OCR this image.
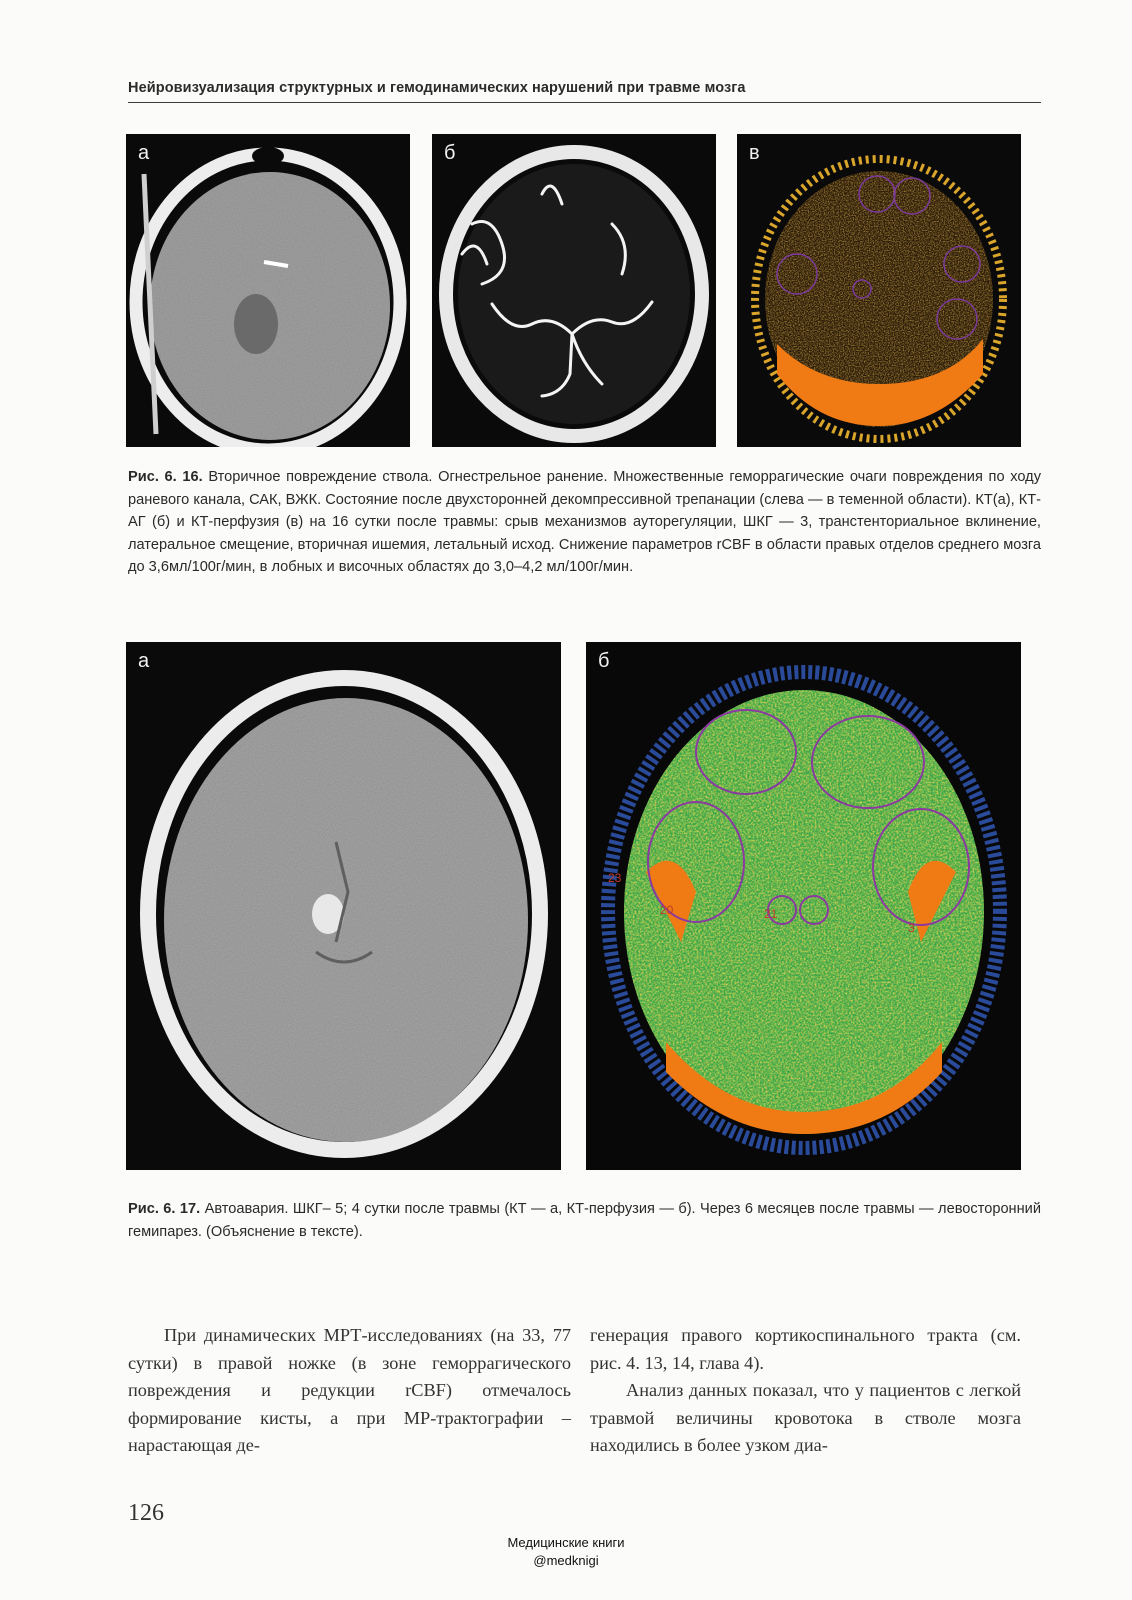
Нейровизуализация структурных и гемодинамических нарушений при травме мозга
а	б	в
Рис. 6. 16. Вторичное повреждение ствола. Огнестрельное ранение. Множественные геморрагические очаги повреждения по ходу раневого канала, САК, ВЖК. Состояние после двухсторонней декомпрессивной трепанации (слева — в теменной области). КТ(а), КТ-АГ (б) и КТ-перфузия (в) на 16 сутки после травмы: срыв механизмов ауторегуляции, ШКГ — 3, транстенториальное вклинение, латеральное смещение, вторичная ишемия, летальный исход. Снижение параметров rCBF в области правых отделов среднего мозга до 3,6мл/100г/мин, в лобных и височных областях до 3,0–4,2 мл/100г/мин.
а
23
20	21
3
б
Рис. 6. 17. Автоавария. ШКГ– 5; 4 сутки после травмы (КТ — а, КТ-перфузия — б). Через 6 месяцев после травмы — левосторонний гемипарез. (Объяснение в тексте).

При динамических МРТ-исследованиях (на 33, 77 сутки) в правой ножке (в зоне геморрагического повреждения и редукции rCBF) отмечалось формирование кисты, а при МР-трактографии – нарастающая де-

генерация правого кортикоспинального тракта (см. рис. 4. 13, 14, глава 4).

Анализ данных показал, что у пациентов с легкой травмой величины кровотока в стволе мозга находились в более узком диа-

126
Медицинские книги
@medknigi
